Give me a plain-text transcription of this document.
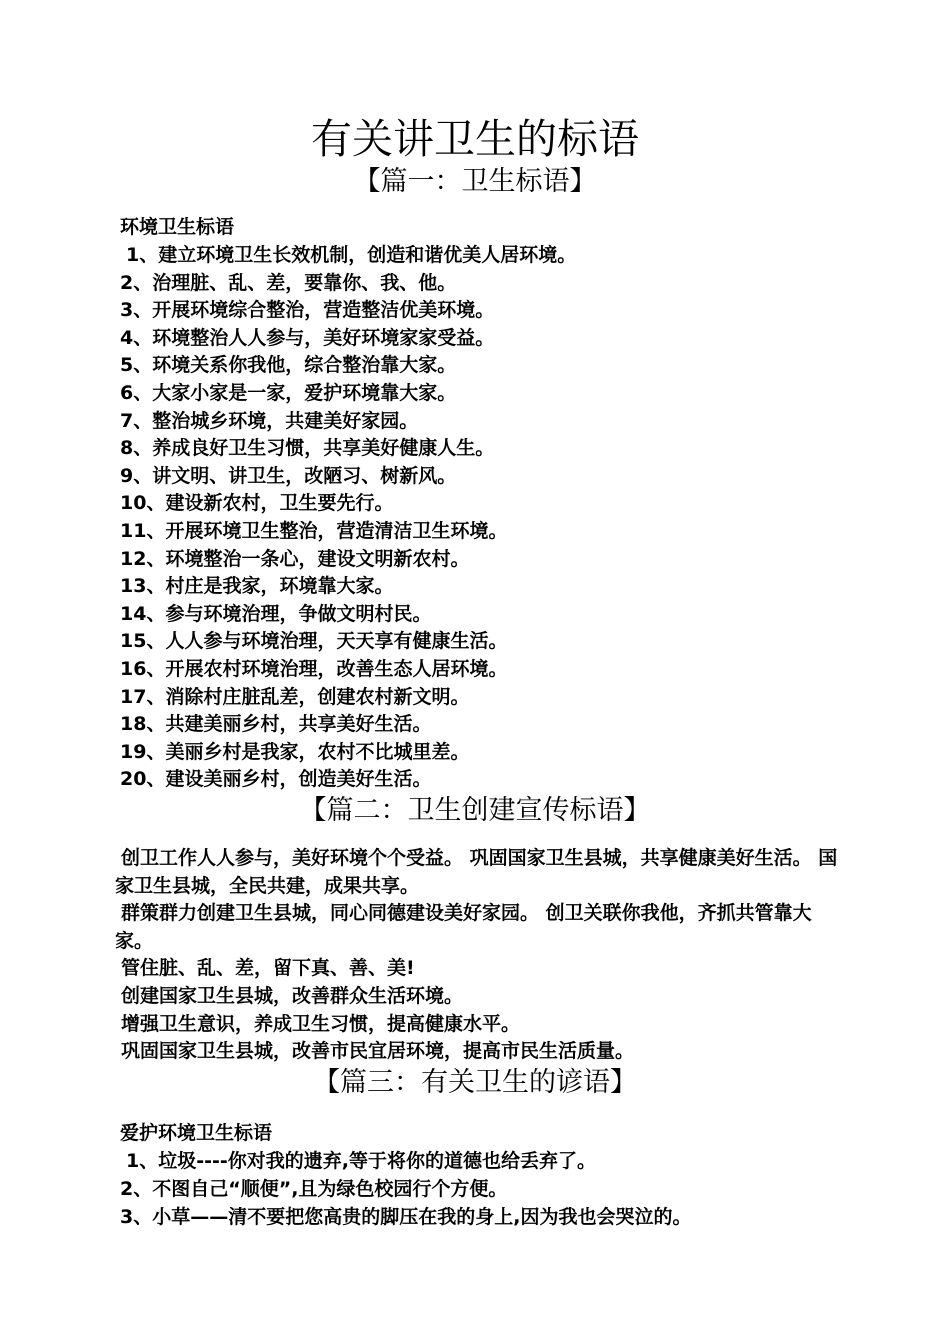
有关讲卫生的标语
【篇一：卫生标语】
环境卫生标语
1、建立环境卫生长效机制，创造和谐优美人居环境。
2、治理脏、乱、差，要靠你、我、他。
3、开展环境综合整治，营造整洁优美环境。
4、环境整治人人参与，美好环境家家受益。
5、环境关系你我他，综合整治靠大家。
6、大家小家是一家，爱护环境靠大家。
7、整治城乡环境，共建美好家园。
8、养成良好卫生习惯，共享美好健康人生。
9、讲文明、讲卫生，改陋习、树新风。
10、建设新农村，卫生要先行。
11、开展环境卫生整治，营造清洁卫生环境。
12、环境整治一条心，建设文明新农村。
13、村庄是我家，环境靠大家。
14、参与环境治理，争做文明村民。
15、人人参与环境治理，天天享有健康生活。
16、开展农村环境治理，改善生态人居环境。
17、消除村庄脏乱差，创建农村新文明。
18、共建美丽乡村，共享美好生活。
19、美丽乡村是我家，农村不比城里差。
20、建设美丽乡村，创造美好生活。
【篇二：卫生创建宣传标语】

创卫工作人人参与，美好环境个个受益。 巩固国家卫生县城，共享健康美好生活。 国家卫生县城，全民共建，成果共享。

群策群力创建卫生县城，同心同德建设美好家园。 创卫关联你我他，齐抓共管靠大家。

管住脏、乱、差，留下真、善、美!

创建国家卫生县城，改善群众生活环境。

增强卫生意识，养成卫生习惯，提高健康水平。

巩固国家卫生县城，改善市民宜居环境，提高市民生活质量。

【篇三：有关卫生的谚语】
爱护环境卫生标语
1、垃圾----你对我的遗弃,等于将你的道德也给丢弃了。
2、不图自己“顺便”,且为绿色校园行个方便。
3、小草——清不要把您高贵的脚压在我的身上,因为我也会哭泣的。
